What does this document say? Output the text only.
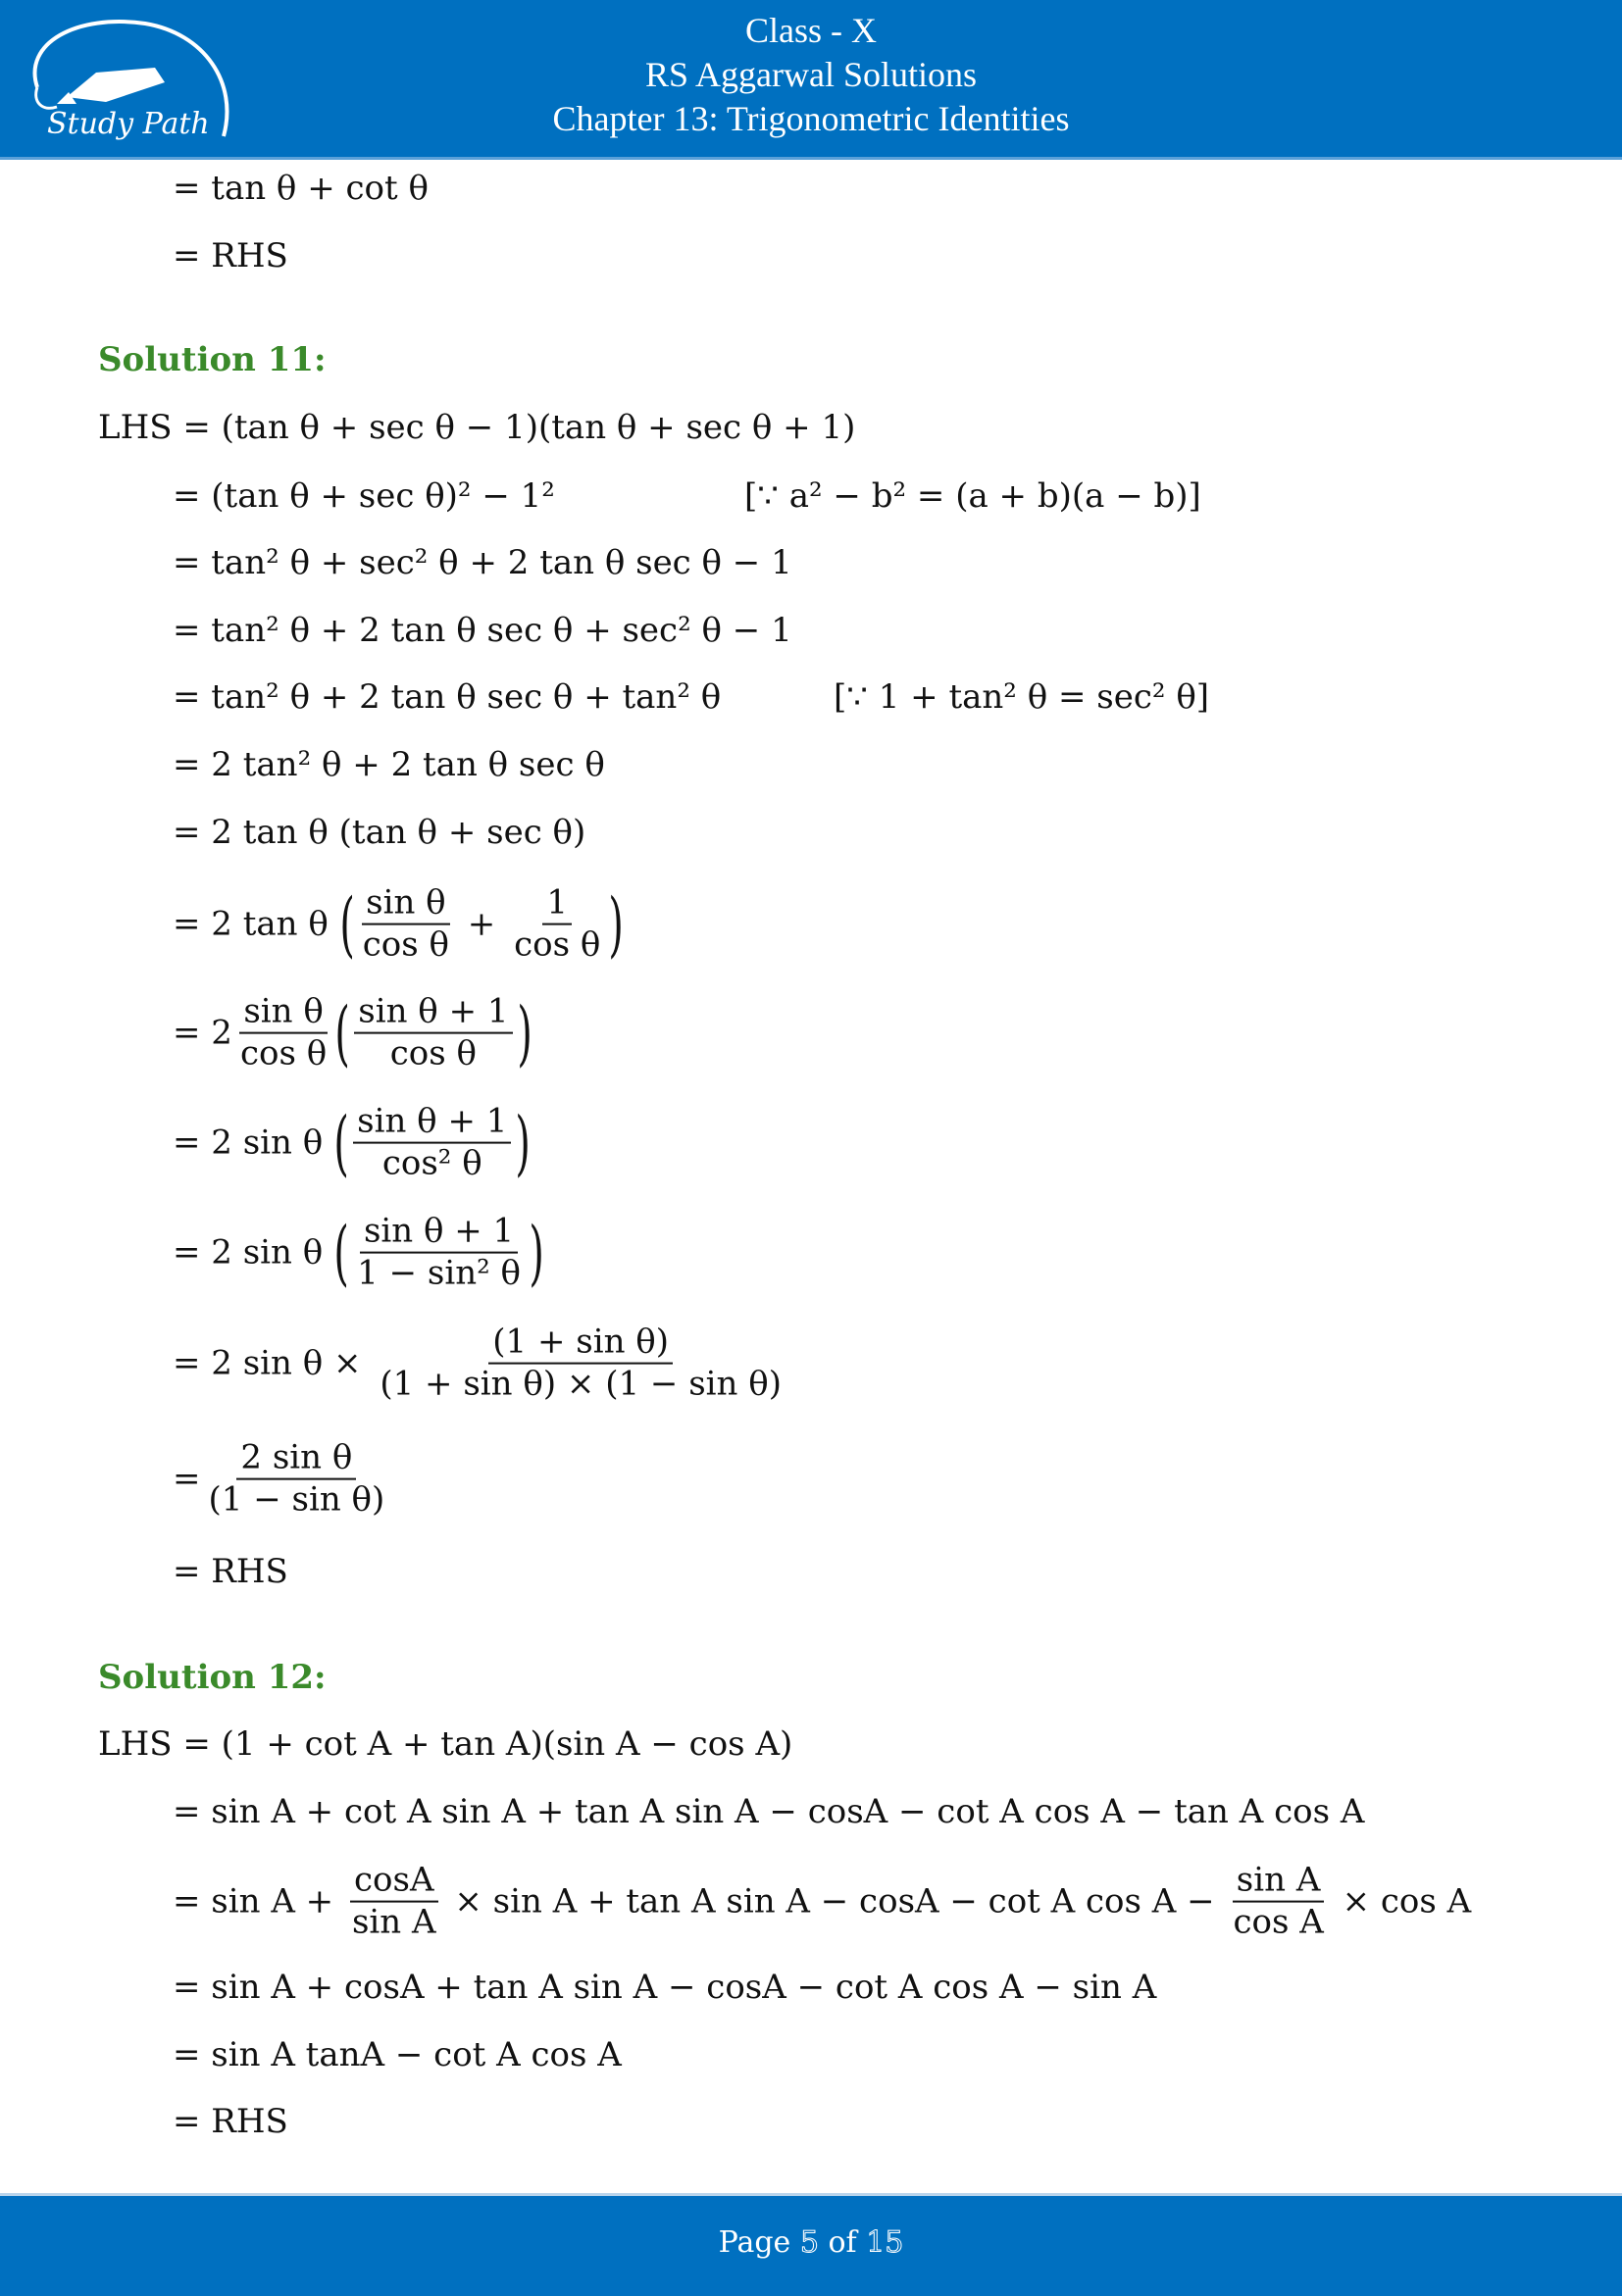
Study Path
Class - X
RS Aggarwal Solutions
Chapter 13: Trigonometric Identities
Solution 11:
Solution 12:
[∵ a² − b² = (a + b)(a − b)]
[∵ 1 + tan² θ = sec² θ]
= tan θ + cot θ
= RHS
LHS = (tan θ + sec θ − 1)(tan θ + sec θ + 1)
= (tan θ + sec θ)² − 1²
= tan² θ + sec² θ + 2 tan θ sec θ − 1
= tan² θ + 2 tan θ sec θ + sec² θ − 1
= tan² θ + 2 tan θ sec θ + tan² θ
= 2 tan² θ + 2 tan θ sec θ
= 2 tan θ (tan θ + sec θ)
= 2 tan θ ( $\frac{\text{sin θ}}{\text{cos θ}} + \frac{1}{\text{cos θ}}$ )
= $2 \frac{\text{sin θ}}{\text{cos θ}}$ ( $\frac{\text{sin θ + 1}}{\text{cos θ}}$ )
= 2 sin θ ( $\frac{\text{sin θ + 1}}{\text{cos² θ}}$ )
= 2 sin θ ( $\frac{\text{sin θ + 1}}{\text{1 − sin² θ}}$ )
= 2 $\sin \theta \times \frac{\text{(1 + sin θ)}}{\text{(1 + sin θ) × (1 − sin θ)}}$
= $\frac{\text{2 sin θ}}{\text{(1 − sin θ)}}$
= RHS
LHS = (1 + cot A + tan A)(sin A − cos A)
= sin A + cot A sin A + tan A sin A − cosA − cot A cos A − tan A cos A
= $\sin A + \frac{\cos A}{\text{sin A}} \times \sin A + \tan A$ sin A − cosA − cot A $\cos A - \frac{\text{sin A}}{\text{cos A}} \times \cos A$
= sin A + cosA + tan A sin A − cosA − cot A cos A − sin A
= sin A tanA − cot A cos A
= RHS
Page 5 of 15
